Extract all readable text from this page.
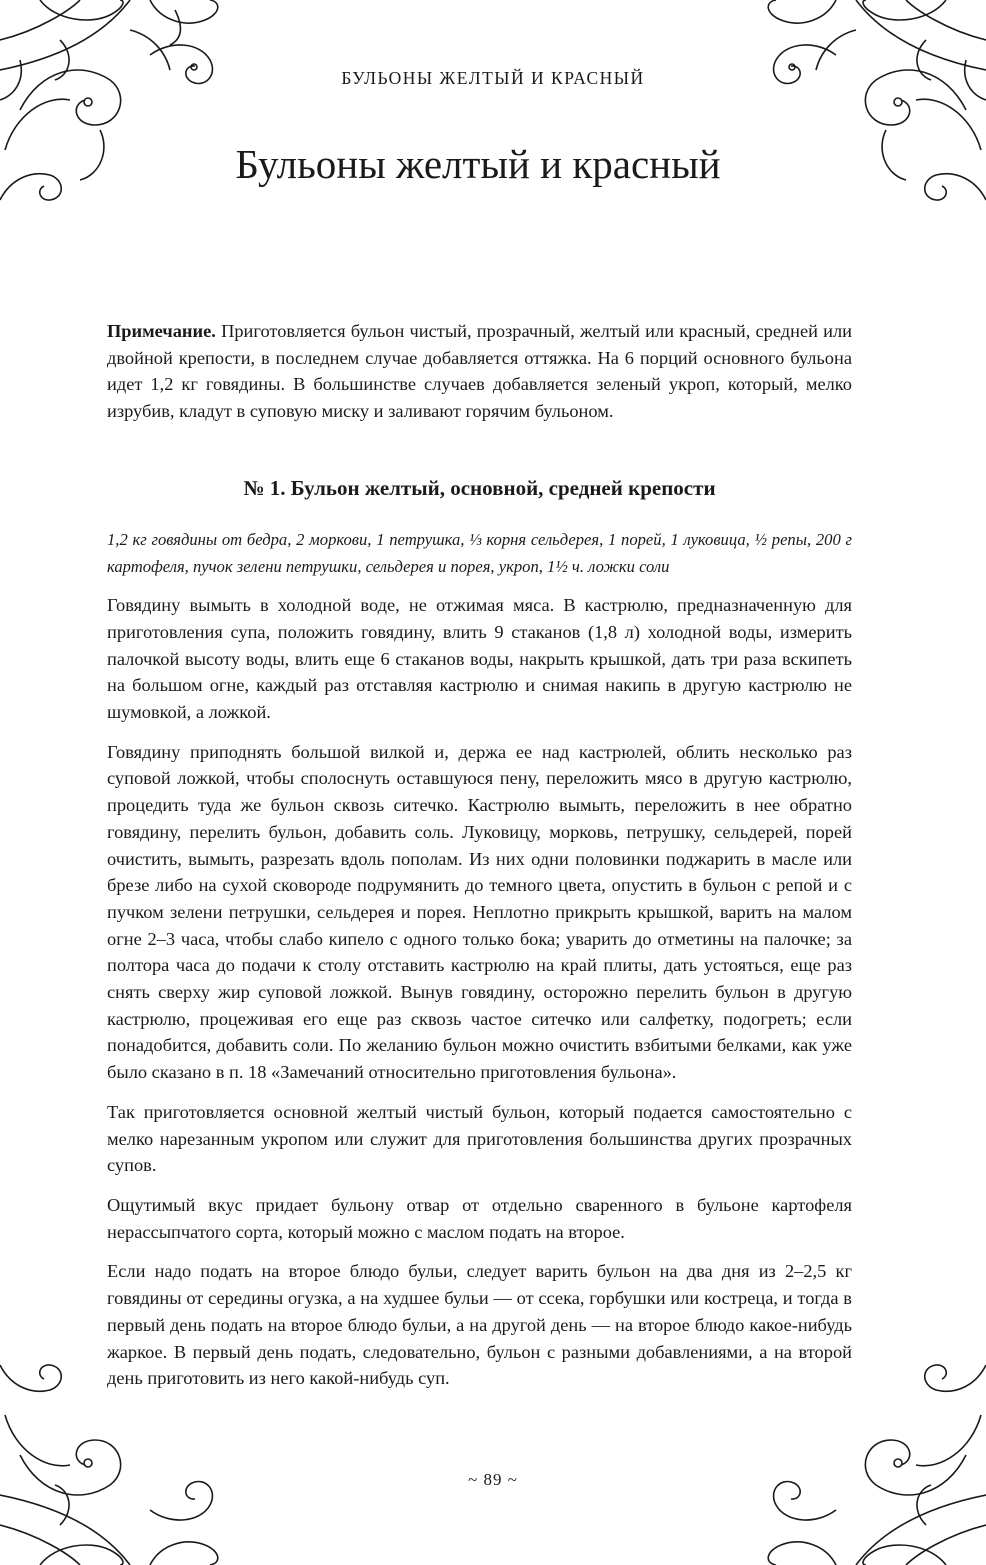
БУЛЬОНЫ ЖЕЛТЫЙ И КРАСНЫЙ
Бульоны желтый и красный

Примечание. Приготовляется бульон чистый, прозрачный, желтый или красный, средней или двойной крепости, в последнем случае добавляется оттяжка. На 6 порций основного бульона идет 1,2 кг говядины. В большинстве случаев добавляется зеленый укроп, который, мелко изрубив, кладут в суповую миску и заливают горячим бульоном.

№ 1. Бульон желтый, основной, средней крепости

1,2 кг говядины от бедра, 2 моркови, 1 петрушка, ⅓ корня сельдерея, 1 порей, 1 луковица, ½ репы, 200 г картофеля, пучок зелени петрушки, сельдерея и порея, укроп, 1½ ч. ложки соли

Говядину вымыть в холодной воде, не отжимая мяса. В кастрюлю, предназначенную для приготовления супа, положить говядину, влить 9 стаканов (1,8 л) холодной воды, измерить палочкой высоту воды, влить еще 6 стаканов воды, накрыть крышкой, дать три раза вскипеть на большом огне, каждый раз отставляя кастрюлю и снимая накипь в другую кастрюлю не шумовкой, а ложкой.

Говядину приподнять большой вилкой и, держа ее над кастрюлей, облить несколько раз суповой ложкой, чтобы сполоснуть оставшуюся пену, переложить мясо в другую кастрюлю, процедить туда же бульон сквозь ситечко. Кастрюлю вымыть, переложить в нее обратно говядину, перелить бульон, добавить соль. Луковицу, морковь, петрушку, сельдерей, порей очистить, вымыть, разрезать вдоль пополам. Из них одни половинки поджарить в масле или брезе либо на сухой сковороде подрумянить до темного цвета, опустить в бульон с репой и с пучком зелени петрушки, сельдерея и порея. Неплотно прикрыть крышкой, варить на малом огне 2–3 часа, чтобы слабо кипело с одного только бока; уварить до отметины на палочке; за полтора часа до подачи к столу отставить кастрюлю на край плиты, дать устояться, еще раз снять сверху жир суповой ложкой. Вынув говядину, осторожно перелить бульон в другую кастрюлю, процеживая его еще раз сквозь частое ситечко или салфетку, подогреть; если понадобится, добавить соли. По желанию бульон можно очистить взбитыми белками, как уже было сказано в п. 18 «Замечаний относительно приготовления бульона».

Так приготовляется основной желтый чистый бульон, который подается самостоятельно с мелко нарезанным укропом или служит для приготовления большинства других прозрачных супов.

Ощутимый вкус придает бульону отвар от отдельно сваренного в бульоне картофеля нерассыпчатого сорта, который можно с маслом подать на второе.

Если надо подать на второе блюдо бульи, следует варить бульон на два дня из 2–2,5 кг говядины от середины огузка, а на худшее бульи — от ссека, горбушки или костреца, и тогда в первый день подать на второе блюдо бульи, а на другой день — на второе блюдо какое-нибудь жаркое. В первый день подать, следовательно, бульон с разными добавлениями, а на второй день приготовить из него какой-нибудь суп.

~ 89 ~
